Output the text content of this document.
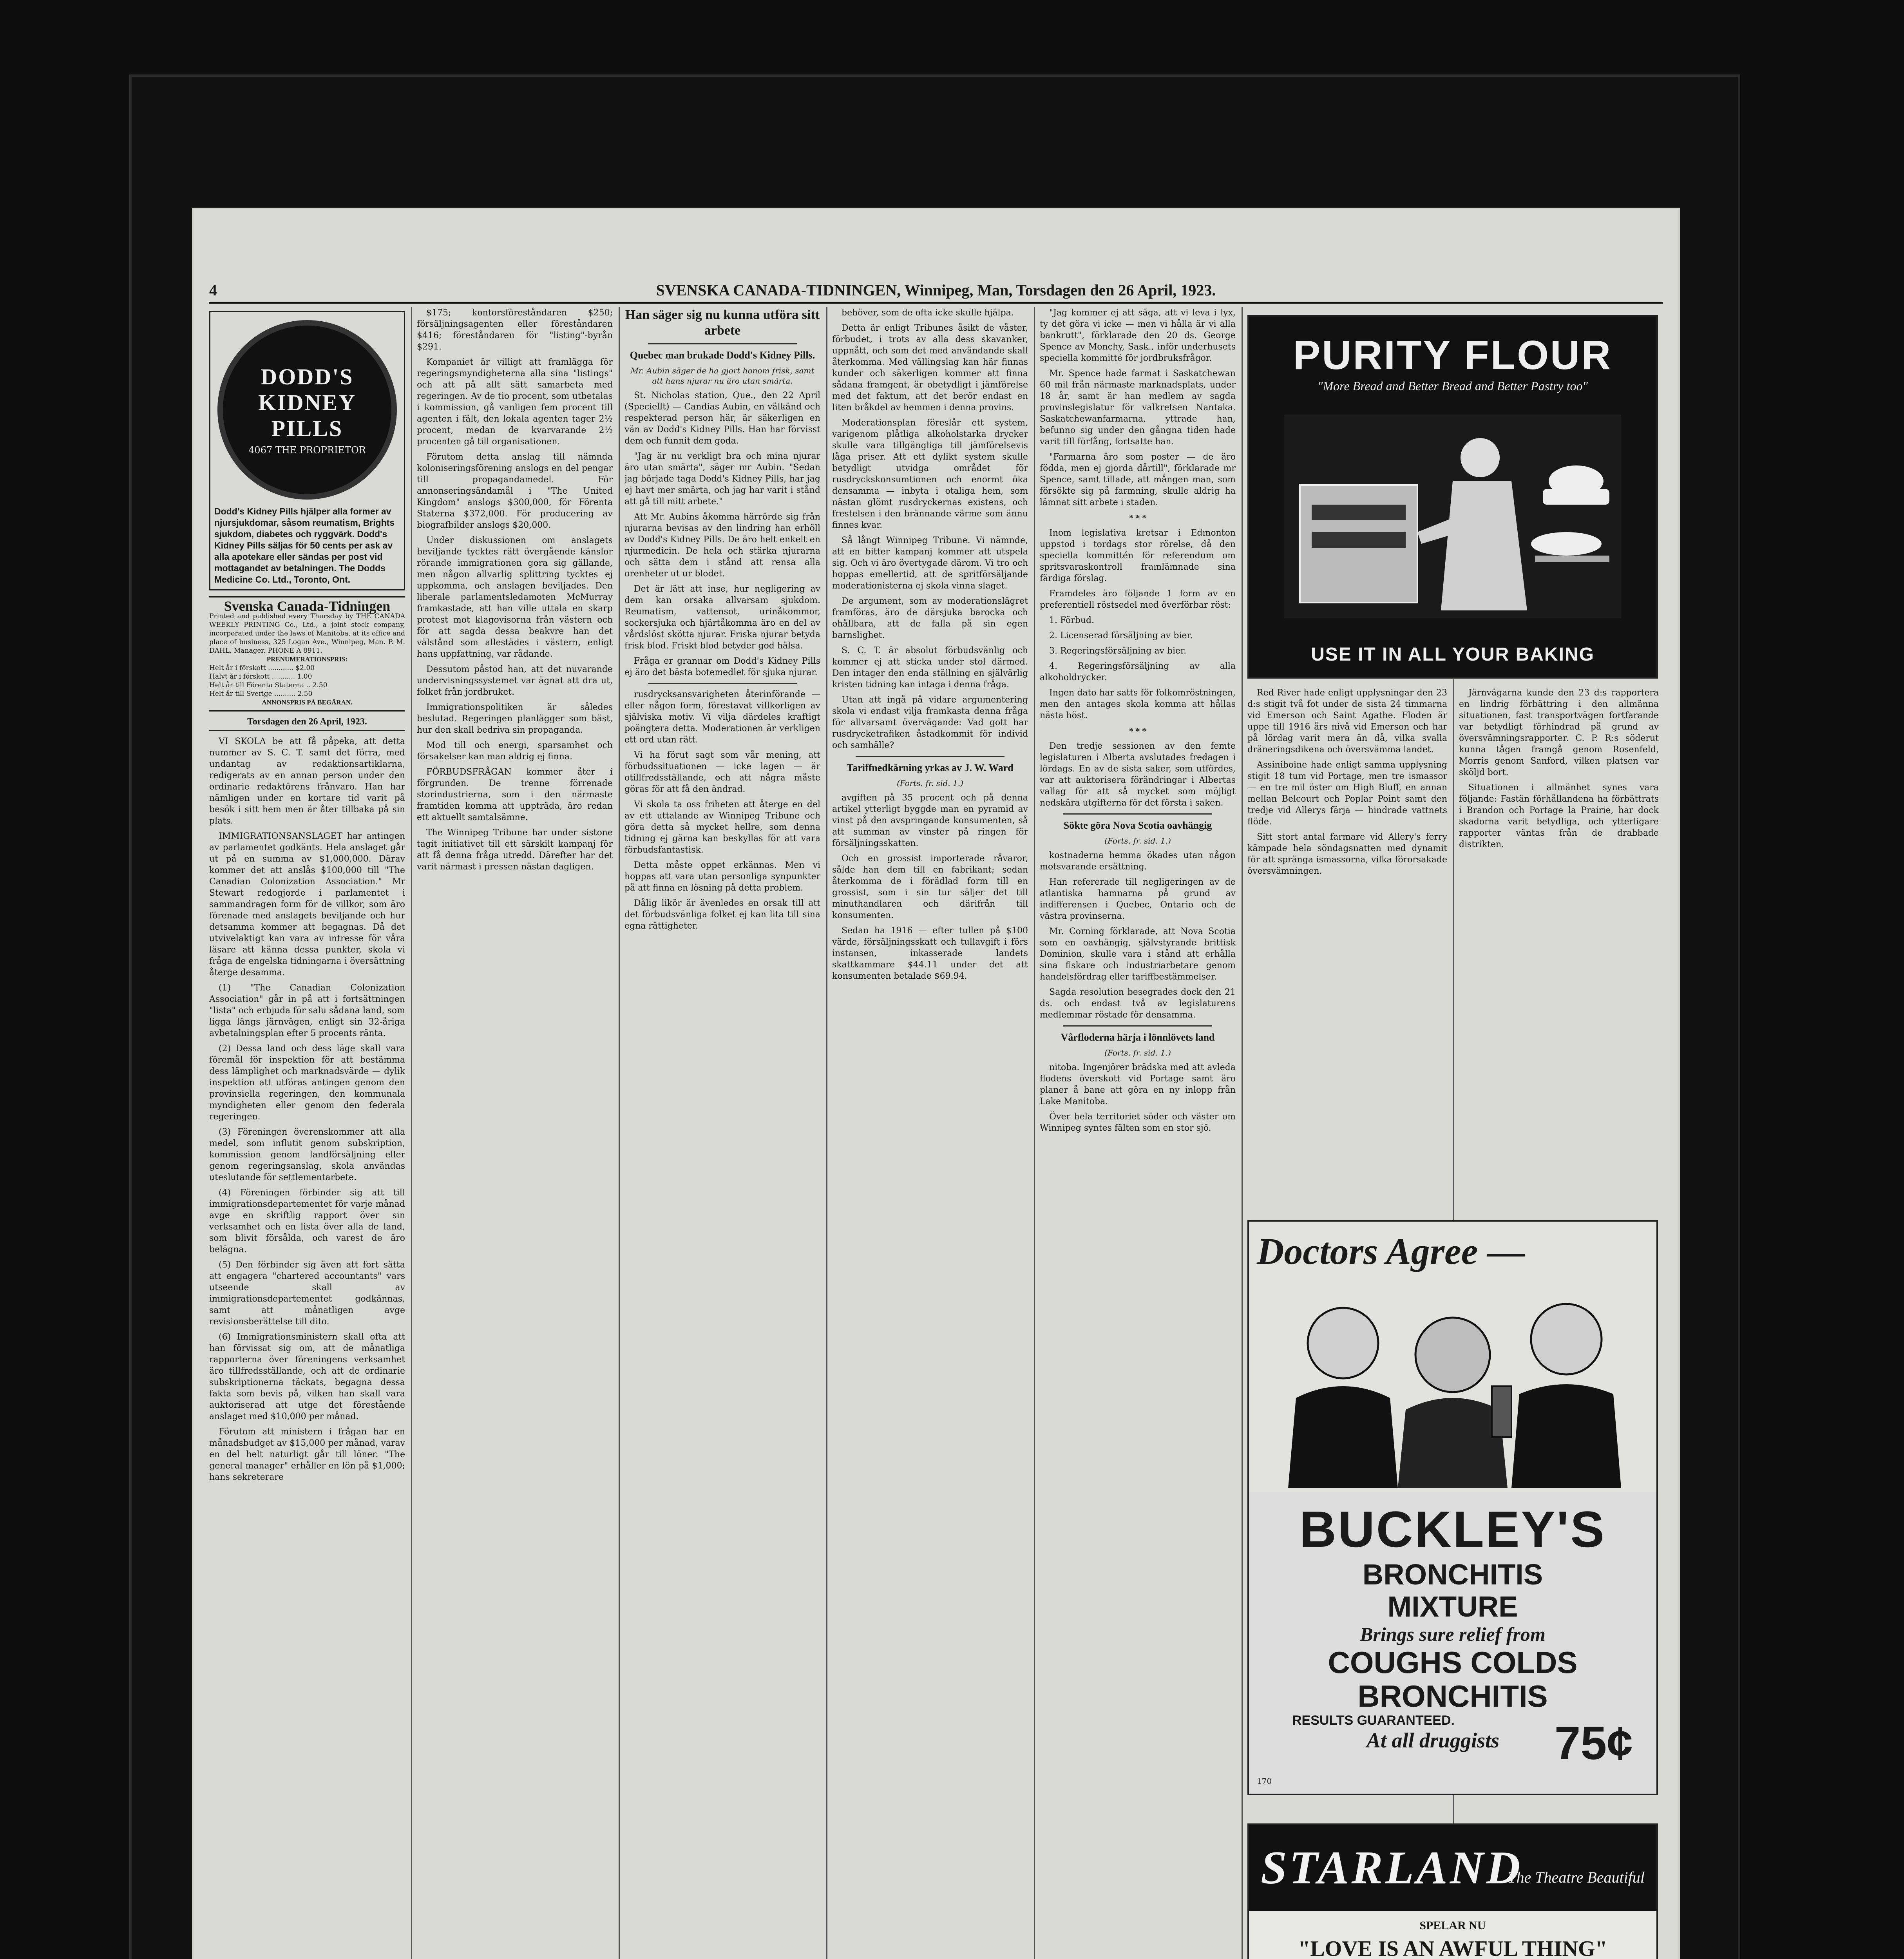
4	SVENSKA CANADA-TIDNINGEN, Winnipeg, Man, Torsdagen den 26 April, 1923.
DODD'S
KIDNEY
PILLS
4067 THE PROPRIETOR
Dodd's Kidney Pills hjälper alla former av njursjukdomar, såsom reumatism, Brights sjukdom, diabetes och ryggvärk. Dodd's Kidney Pills säljas för 50 cents per ask av alla apotekare eller sändas per post vid mottagandet av betalningen. The Dodds Medicine Co. Ltd., Toronto, Ont.
Svenska Canada-Tidningen
Printed and published every Thursday by THE CANADA WEEKLY PRINTING Co., Ltd., a joint stock company, incorporated under the laws of Manitoba, at its office and place of business, 325 Logan Ave., Winnipeg, Man. P. M. DAHL, Manager. PHONE A 8911.
PRENUMERATIONSPRIS:
Helt år i förskott ............ $2.00
Halvt år i förskott ........... 1.00
Helt år till Förenta Staterna .. 2.50
Helt år till Sverige .......... 2.50
ANNONSPRIS PÅ BEGÄRAN.
Torsdagen den 26 April, 1923.

VI SKOLA be att få påpeka, att detta nummer av S. C. T. samt det förra, med undantag av redaktionsartiklarna, redigerats av en annan person under den ordinarie redaktörens frånvaro. Han har nämligen under en kortare tid varit på besök i sitt hem men är åter tillbaka på sin plats.

IMMIGRATIONSANSLAGET har antingen av parlamentet godkänts. Hela anslaget går ut på en summa av $1,000,000. Därav kommer det att anslås $100,000 till "The Canadian Colonization Association." Mr Stewart redogjorde i parlamentet i sammandragen form för de villkor, som äro förenade med anslagets beviljande och hur detsamma kommer att begagnas. Då det utvivelaktigt kan vara av intresse för våra läsare att känna dessa punkter, skola vi fråga de engelska tidningarna i översättning återge desamma.

(1) "The Canadian Colonization Association" går in på att i fortsättningen "lista" och erbjuda för salu sådana land, som ligga längs järnvägen, enligt sin 32-åriga avbetalningsplan efter 5 procents ränta.

(2) Dessa land och dess läge skall vara föremål för inspektion för att bestämma dess lämplighet och marknadsvärde — dylik inspektion att utföras antingen genom den provinsiella regeringen, den kommunala myndigheten eller genom den federala regeringen.

(3) Föreningen överenskommer att alla medel, som influtit genom subskription, kommission genom landförsäljning eller genom regeringsanslag, skola användas uteslutande för settlementarbete.

(4) Föreningen förbinder sig att till immigrationsdepartementet för varje månad avge en skriftlig rapport över sin verksamhet och en lista över alla de land, som blivit försålda, och varest de äro belägna.

(5) Den förbinder sig även att fort sätta att engagera "chartered accountants" vars utseende skall av immigrationsdepartementet godkännas, samt att månatligen avge revisionsberättelse till dito.

(6) Immigrationsministern skall ofta att han förvissat sig om, att de månatliga rapporterna över föreningens verksamhet äro tillfredsställande, och att de ordinarie subskriptionerna täckats, begagna dessa fakta som bevis på, vilken han skall vara auktoriserad att utge det förestående anslaget med $10,000 per månad.

Förutom att ministern i frågan har en månadsbudget av $15,000 per månad, varav en del helt naturligt går till löner. "The general manager" erhåller en lön på $1,000; hans sekreterare

$175; kontorsföreståndaren $250; försäljningsagenten eller föreståndaren $416; föreståndaren för "listing"-byrån $291.

Kompaniet är villigt att framlägga för regeringsmyndigheterna alla sina "listings" och att på allt sätt samarbeta med regeringen. Av de tio procent, som utbetalas i kommission, gå vanligen fem procent till agenten i fält, den lokala agenten tager 2½ procent, medan de kvarvarande 2½ procenten gå till organisationen.

Förutom detta anslag till nämnda koloniseringsförening anslogs en del pengar till propagandamedel. För annonseringsändamål i "The United Kingdom" anslogs $300,000, för Förenta Staterna $372,000. För producering av biografbilder anslogs $20,000.

Under diskussionen om anslagets beviljande tycktes rätt övergående känslor rörande immigrationen gora sig gällande, men någon allvarlig splittring tycktes ej uppkomma, och anslagen beviljades. Den liberale parlamentsledamoten McMurray framkastade, att han ville uttala en skarp protest mot klagovisorna från västern och för att sagda dessa beakvre han det välstånd som allestädes i västern, enligt hans uppfattning, var rådande.

Dessutom påstod han, att det nuvarande undervisningssystemet var ägnat att dra ut, folket från jordbruket.

Immigrationspolitiken är således beslutad. Regeringen planlägger som bäst, hur den skall bedriva sin propaganda.

Mod till och energi, sparsamhet och försakelser kan man aldrig ej finna.

FÖRBUDSFRÅGAN kommer åter i förgrunden. De trenne förrenade storindustrierna, som i den närmaste framtiden komma att uppträda, äro redan ett aktuellt samtalsämne.

The Winnipeg Tribune har under sistone tagit initiativet till ett särskilt kampanj för att få denna fråga utredd. Därefter har det varit närmast i pressen nästan dagligen.

Han säger sig nu kunna utföra sitt arbete

Quebec man brukade Dodd's Kidney Pills.

Mr. Aubin säger de ha gjort honom frisk, samt att hans njurar nu äro utan smärta.

St. Nicholas station, Que., den 22 April (Speciellt) — Candias Aubin, en välkänd och respekterad person här, är säkerligen en vän av Dodd's Kidney Pills. Han har förvisst dem och funnit dem goda.

"Jag är nu verkligt bra och mina njurar äro utan smärta", säger mr Aubin. "Sedan jag började taga Dodd's Kidney Pills, har jag ej havt mer smärta, och jag har varit i stånd att gå till mitt arbete."

Att Mr. Aubins åkomma härrörde sig från njurarna bevisas av den lindring han erhöll av Dodd's Kidney Pills. De äro helt enkelt en njurmedicin. De hela och stärka njurarna och sätta dem i stånd att rensa alla orenheter ut ur blodet.

Det är lätt att inse, hur negligering av dem kan orsaka allvarsam sjukdom. Reumatism, vattensot, urinåkommor, sockersjuka och hjärtåkomma äro en del av vårdslöst skötta njurar. Friska njurar betyda frisk blod. Friskt blod betyder god hälsa.

Fråga er grannar om Dodd's Kidney Pills ej äro det bästa botemedlet för sjuka njurar.

rusdrycksansvarigheten återinförande — eller någon form, förestavat villkorligen av själviska motiv. Vi vilja därdeles kraftigt poängtera detta. Moderationen är verkligen ett ord utan rätt.

Vi ha förut sagt som vår mening, att förbudssituationen — icke lagen — är otillfredsställande, och att några måste göras för att få den ändrad.

Vi skola ta oss friheten att återge en del av ett uttalande av Winnipeg Tribune och göra detta så mycket hellre, som denna tidning ej gärna kan beskyllas för att vara förbudsfantastisk.

Detta måste oppet erkännas. Men vi hoppas att vara utan personliga synpunkter på att finna en lösning på detta problem.

Dålig likör är ävenledes en orsak till att det förbudsvänliga folket ej kan lita till sina egna rättigheter.

behöver, som de ofta icke skulle hjälpa.

Detta är enligt Tribunes åsikt de våster, förbudet, i trots av alla dess skavanker, uppnått, och som det med användande skall återkomma. Med vällingslag kan här finnas kunder och säkerligen kommer att finna sådana framgent, är obetydligt i jämförelse med det faktum, att det berör endast en liten bråkdel av hemmen i denna provins.

Moderationsplan föreslår ett system, varigenom plåtliga alkoholstarka drycker skulle vara tillgängliga till jämförelsevis låga priser. Att ett dylikt system skulle betydligt utvidga området för rusdryckskonsumtionen och enormt öka densamma — inbyta i otaliga hem, som nästan glömt rusdryckernas existens, och frestelsen i den brännande värme som ännu finnes kvar.

Så långt Winnipeg Tribune. Vi nämnde, att en bitter kampanj kommer att utspela sig. Och vi äro övertygade därom. Vi tro och hoppas emellertid, att de spritförsäljande moderationisterna ej skola vinna slaget.

De argument, som av moderationslägret framföras, äro de därsjuka barocka och ohållbara, att de falla på sin egen barnslighet.

S. C. T. är absolut förbudsvänlig och kommer ej att sticka under stol därmed. Den intager den enda ställning en självärlig kristen tidning kan intaga i denna fråga.

Utan att ingå på vidare argumentering skola vi endast vilja framkasta denna fråga för allvarsamt övervägande: Vad gott har rusdrycketrafiken åstadkommit för individ och samhälle?

Tariffnedkärning yrkas av J. W. Ward

(Forts. fr. sid. 1.)

avgiften på 35 procent och på denna artikel ytterligt byggde man en pyramid av vinst på den avspringande konsumenten, så att summan av vinster på ringen för försäljningsskatten.

Och en grossist importerade råvaror, sålde han dem till en fabrikant; sedan återkomma de i förädlad form till en grossist, som i sin tur säljer det till minuthandlaren och därifrån till konsumenten.

Sedan ha 1916 — efter tullen på $100 värde, försäljningsskatt och tullavgift i förs instansen, inkasserade landets skattkammare $44.11 under det att konsumenten betalade $69.94.

"Jag kommer ej att säga, att vi leva i lyx, ty det göra vi icke — men vi hålla är vi alla bankrutt", förklarade den 20 ds. George Spence av Monchy, Sask., inför underhusets speciella kommitté för jordbruksfrågor.

Mr. Spence hade farmat i Saskatchewan 60 mil från närmaste marknadsplats, under 18 år, samt är han medlem av sagda provinslegislatur för valkretsen Nantaka. Saskatchewanfarmarna, yttrade han, befunno sig under den gångna tiden hade varit till förfång, fortsatte han.

"Farmarna äro som poster — de äro födda, men ej gjorda dårtill", förklarade mr Spence, samt tillade, att mången man, som försökte sig på farmning, skulle aldrig ha lämnat sitt arbete i staden.

* * *

Inom legislativa kretsar i Edmonton uppstod i tordags stor rörelse, då den speciella kommittén för referendum om spritsvaraskontroll framlämnade sina färdiga förslag.

Framdeles äro följande 1 form av en preferentiell röstsedel med överförbar röst:

1. Förbud.

2. Licenserad försäljning av bier.

3. Regeringsförsäljning av bier.

4. Regeringsförsäljning av alla alkoholdrycker.

Ingen dato har satts för folkomröstningen, men den antages skola komma att hållas nästa höst.

* * *

Den tredje sessionen av den femte legislaturen i Alberta avslutades fredagen i lördags. En av de sista saker, som utfördes, var att auktorisera förändringar i Albertas vallag för att så mycket som möjligt nedskära utgifterna för det första i saken.

Sökte göra Nova Scotia oavhängig

(Forts. fr. sid. 1.)

kostnaderna hemma ökades utan någon motsvarande ersättning.

Han refererade till negligeringen av de atlantiska hamnarna på grund av indifferensen i Quebec, Ontario och de västra provinserna.

Mr. Corning förklarade, att Nova Scotia som en oavhängig, självstyrande brittisk Dominion, skulle vara i stånd att erhålla sina fiskare och industriarbetare genom handelsfördrag eller tariffbestämmelser.

Sagda resolution besegrades dock den 21 ds. och endast två av legislaturens medlemmar röstade för densamma.

Vårfloderna härja i lönnlövets land

(Forts. fr. sid. 1.)

nitoba. Ingenjörer brädska med att avleda flodens överskott vid Portage samt äro planer å bane att göra en ny inlopp från Lake Manitoba.

Över hela territoriet söder och väster om Winnipeg syntes fälten som en stor sjö.

PURITY FLOUR
"More Bread and Better Bread and Better Pastry too"
USE IT IN ALL YOUR BAKING

Red River hade enligt upplysningar den 23 d:s stigit två fot under de sista 24 timmarna vid Emerson och Saint Agathe. Floden är uppe till 1916 års nivå vid Emerson och har på lördag varit mera än då, vilka svalla dräneringsdikena och översvämma landet.

Assiniboine hade enligt samma upplysning stigit 18 tum vid Portage, men tre ismassor — en tre mil öster om High Bluff, en annan mellan Belcourt och Poplar Point samt den tredje vid Allerys färja — hindrade vattnets flöde.

Sitt stort antal farmare vid Allery's ferry kämpade hela söndagsnatten med dynamit för att spränga ismassorna, vilka förorsakade översvämningen.

Järnvägarna kunde den 23 d:s rapportera en lindrig förbättring i den allmänna situationen, fast transportvägen fortfarande var betydligt förhindrad på grund av översvämningsrapporter. C. P. R:s söderut kunna tågen framgå genom Rosenfeld, Morris genom Sanford, vilken platsen var sköljd bort.

Situationen i allmänhet synes vara följande: Fastän förhållandena ha förbättrats i Brandon och Portage la Prairie, har dock skadorna varit betydliga, och ytterligare rapporter väntas från de drabbade distrikten.

Doctors Agree —
BUCKLEY'S
BRONCHITIS
MIXTURE
Brings sure relief from
COUGHS COLDS
BRONCHITIS
RESULTS GUARANTEED.
At all druggists	75¢
170
STARLAND
The Theatre Beautiful
SPELAR NU
"LOVE IS AN AWFUL THING"
